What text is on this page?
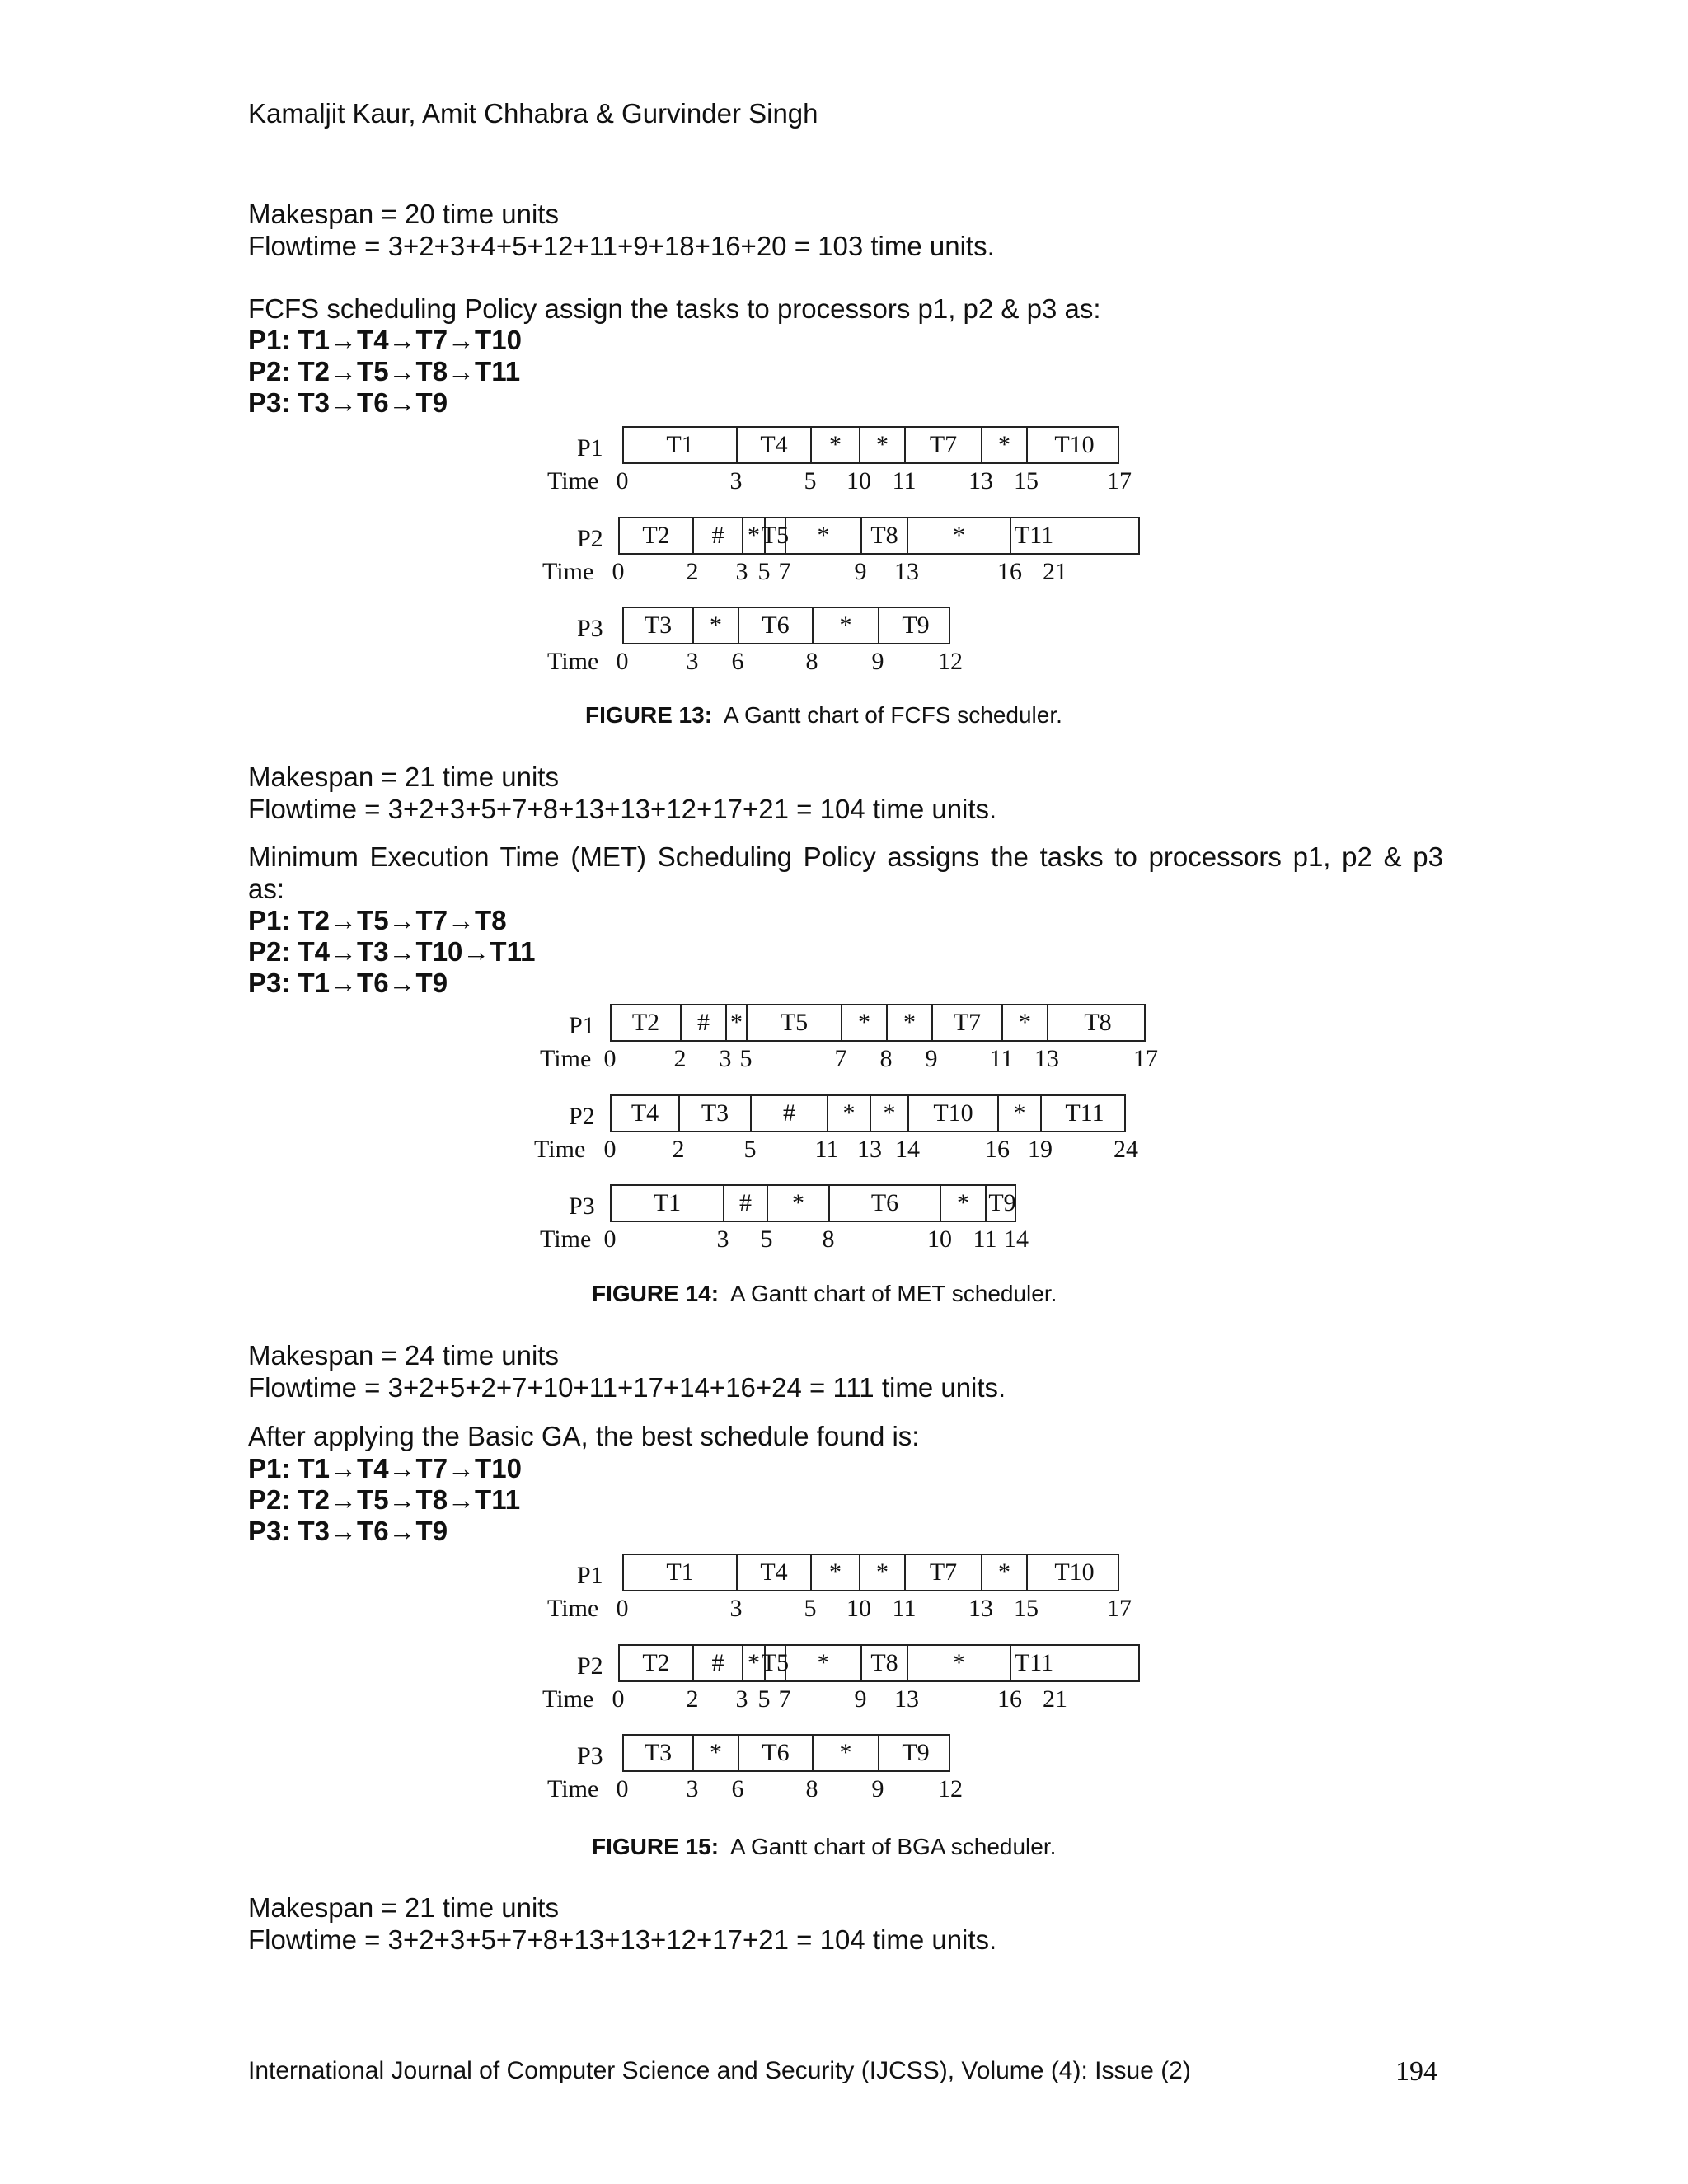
Kamaljit Kaur, Amit Chhabra & Gurvinder Singh
Makespan = 20 time units
Flowtime = 3+2+3+4+5+12+11+9+18+16+20 = 103 time units.
FCFS scheduling Policy assign the tasks to processors p1, p2 & p3 as:
P1: T1→T4→T7→T10
P2: T2→T5→T8→T11
P3: T3→T6→T9
Makespan = 21 time units
Flowtime = 3+2+3+5+7+8+13+13+12+17+21 = 104 time units.
Minimum Execution Time (MET) Scheduling Policy assigns the tasks to processors p1, p2 & p3
as:
P1: T2→T5→T7→T8
P2: T4→T3→T10→T11
P3: T1→T6→T9
Makespan = 24 time units
Flowtime = 3+2+5+2+7+10+11+17+14+16+24 = 111 time units.
After applying the Basic GA, the best schedule found is:
P1: T1→T4→T7→T10
P2: T2→T5→T8→T11
P3: T3→T6→T9
Makespan = 21 time units
Flowtime = 3+2+3+5+7+8+13+13+12+17+21 = 104 time units.
P1
Time
T1	T4	*	*	T7	*	T10
0	3	5 10 11 13 15	17
P2
Time
T2	# * T5	*	T8	*	T11
0	2 3 5 7	9 13	16 21
P3
Time
T3	*	T6	*	T9
0 3 6	8 9 12
P1
Time
T2	# *	T5	*	*	T7	*	T8
0 2 3 5	7 8 9 11 13	17
P2
Time
T4	T3	#	*	*	T10	*	T11
0 2 5 11 13 14	16 19 24
P3
Time
T1	#	*	T6	* T9
0	3 5 8	10 11 14
P1
Time
T1	T4	*	*	T7	*	T10
0	3	5 10 11 13 15	17
P2
Time
T2	# * T5	*	T8	*	T11
0	2 3 5 7	9 13	16 21
P3
Time
T3	*	T6	*	T9
0 3 6	8 9 12
FIGURE 13: A Gantt chart of FCFS scheduler.
FIGURE 14: A Gantt chart of MET scheduler.
FIGURE 15: A Gantt chart of BGA scheduler.
International Journal of Computer Science and Security (IJCSS), Volume (4): Issue (2)	194
